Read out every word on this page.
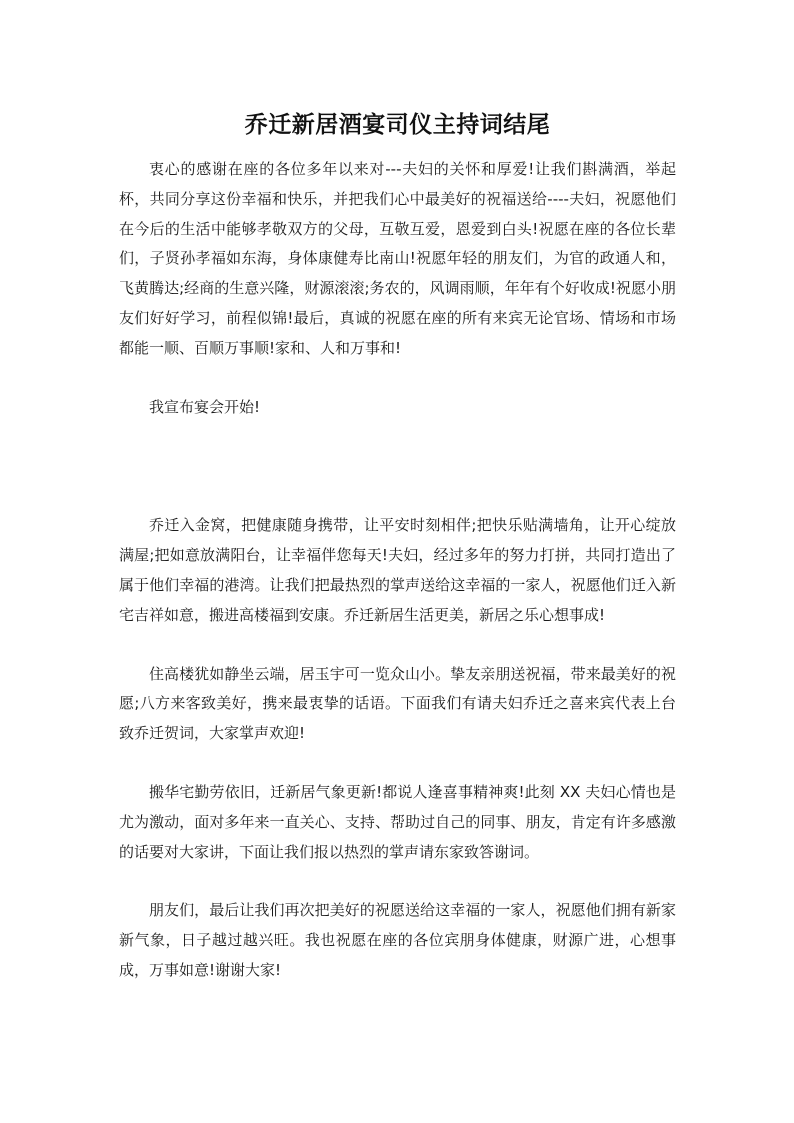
乔迁新居酒宴司仪主持词结尾

衷心的感谢在座的各位多年以来对---夫妇的关怀和厚爱!让我们斟满酒，举起杯，共同分享这份幸福和快乐，并把我们心中最美好的祝福送给----夫妇，祝愿他们在今后的生活中能够孝敬双方的父母，互敬互爱，恩爱到白头!祝愿在座的各位长辈们，子贤孙孝福如东海，身体康健寿比南山!祝愿年轻的朋友们，为官的政通人和，飞黄腾达;经商的生意兴隆，财源滚滚;务农的，风调雨顺，年年有个好收成!祝愿小朋友们好好学习，前程似锦!最后，真诚的祝愿在座的所有来宾无论官场、情场和市场都能一顺、百顺万事顺!家和、人和万事和!

我宣布宴会开始!

乔迁入金窝，把健康随身携带，让平安时刻相伴;把快乐贴满墙角，让开心绽放满屋;把如意放满阳台，让幸福伴您每天!夫妇，经过多年的努力打拼，共同打造出了属于他们幸福的港湾。让我们把最热烈的掌声送给这幸福的一家人，祝愿他们迁入新宅吉祥如意，搬进高楼福到安康。乔迁新居生活更美，新居之乐心想事成!

住高楼犹如静坐云端，居玉宇可一览众山小。挚友亲朋送祝福，带来最美好的祝愿;八方来客致美好，携来最衷挚的话语。下面我们有请夫妇乔迁之喜来宾代表上台致乔迁贺词，大家掌声欢迎!

搬华宅勤劳依旧，迁新居气象更新!都说人逢喜事精神爽!此刻 XX 夫妇心情也是尤为激动，面对多年来一直关心、支持、帮助过自己的同事、朋友，肯定有许多感激的话要对大家讲，下面让我们报以热烈的掌声请东家致答谢词。

朋友们，最后让我们再次把美好的祝愿送给这幸福的一家人，祝愿他们拥有新家新气象，日子越过越兴旺。我也祝愿在座的各位宾朋身体健康，财源广进，心想事成，万事如意!谢谢大家!
